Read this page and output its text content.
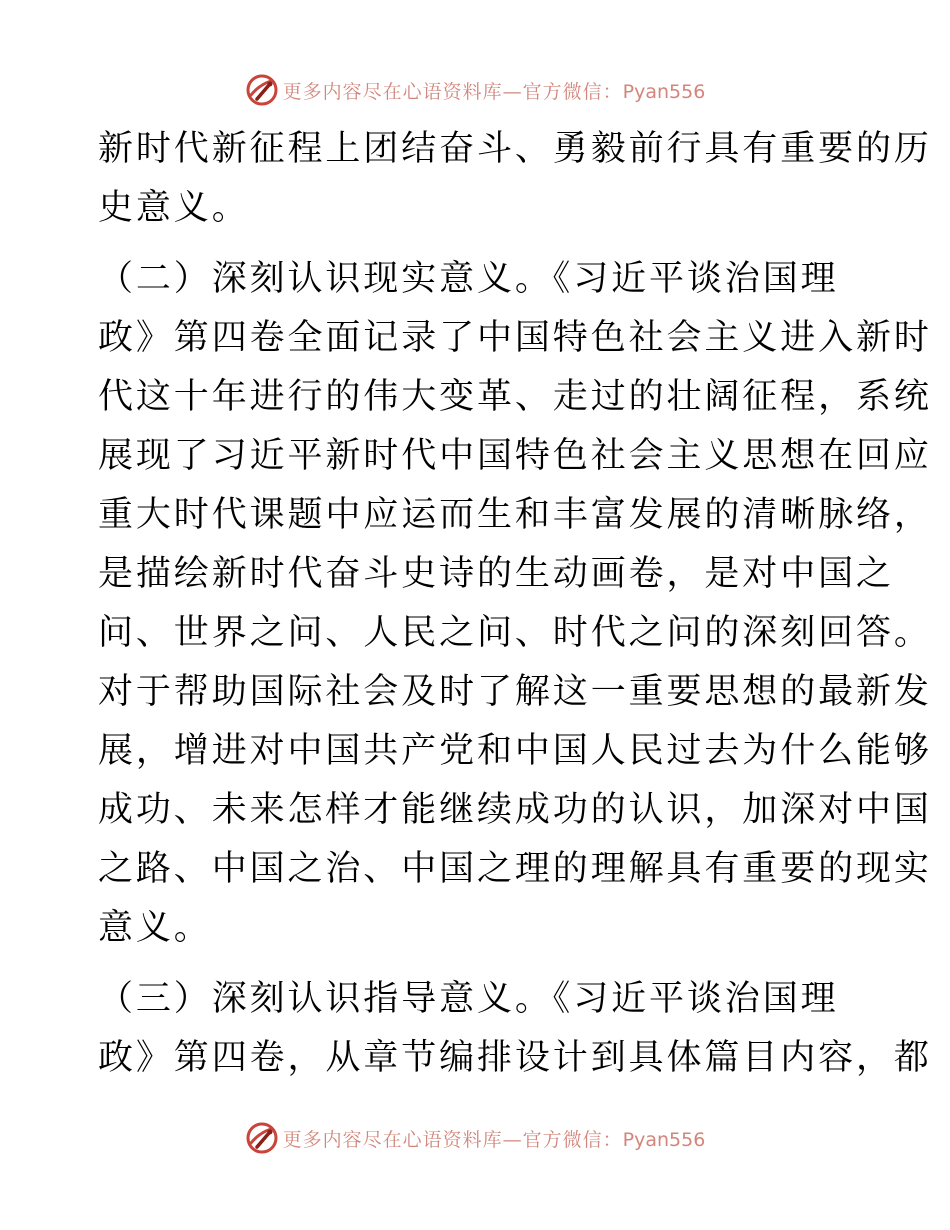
更多内容尽在心语资料库—官方微信：Pyan556
新时代新征程上团结奋斗、勇毅前行具有重要的历
史意义。
（二）深刻认识现实意义。《习近平谈治国理
政》第四卷全面记录了中国特色社会主义进入新时
代这十年进行的伟大变革、走过的壮阔征程，系统
展现了习近平新时代中国特色社会主义思想在回应
重大时代课题中应运而生和丰富发展的清晰脉络，
是描绘新时代奋斗史诗的生动画卷，是对中国之
问、世界之问、人民之问、时代之问的深刻回答。
对于帮助国际社会及时了解这一重要思想的最新发
展，增进对中国共产党和中国人民过去为什么能够
成功、未来怎样才能继续成功的认识，加深对中国
之路、中国之治、中国之理的理解具有重要的现实
意义。
（三）深刻认识指导意义。《习近平谈治国理
政》第四卷，从章节编排设计到具体篇目内容，都
更多内容尽在心语资料库—官方微信：Pyan556
